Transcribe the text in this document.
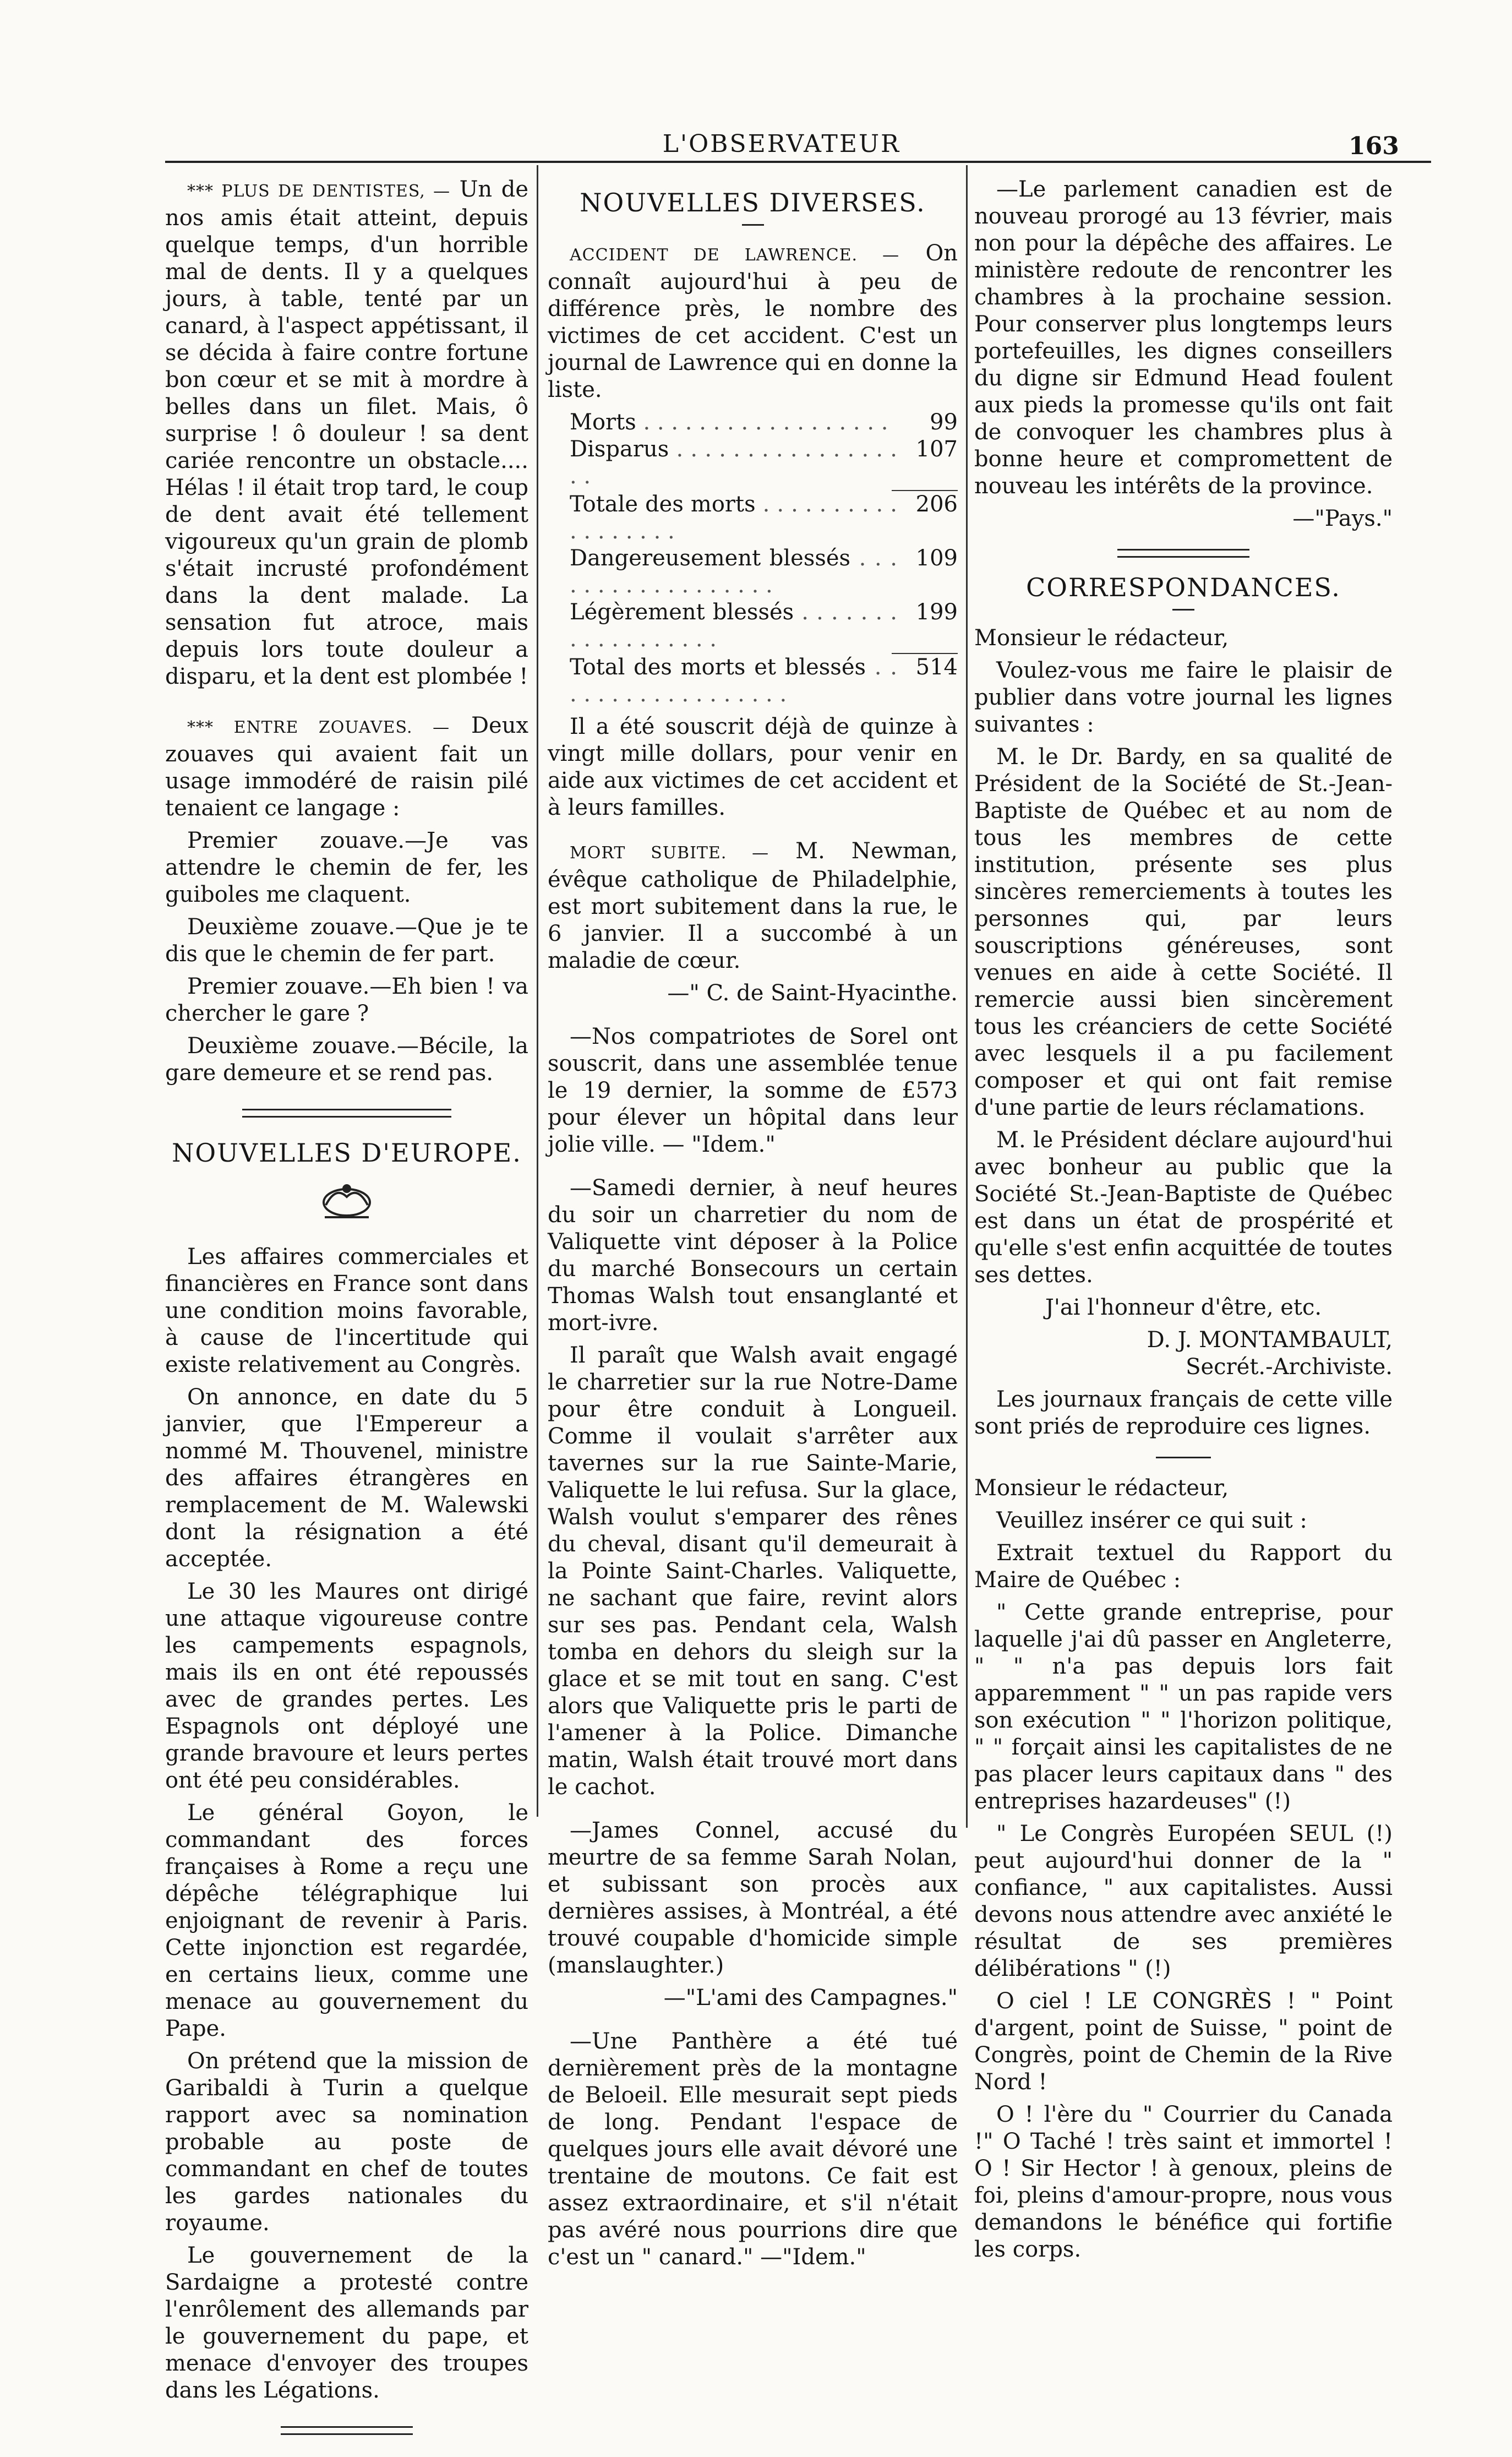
L'OBSERVATEUR	163

*** PLUS DE DENTISTES, — Un de nos amis était atteint, depuis quelque temps, d'un horrible mal de dents. Il y a quelques jours, à table, tenté par un canard, à l'aspect appétissant, il se décida à faire contre fortune bon cœur et se mit à mordre à belles dans un filet. Mais, ô surprise ! ô douleur ! sa dent cariée rencontre un obstacle.... Hélas ! il était trop tard, le coup de dent avait été tellement vigoureux qu'un grain de plomb s'était incrusté profondément dans la dent malade. La sensation fut atroce, mais depuis lors toute douleur a disparu, et la dent est plombée !

*** ENTRE ZOUAVES. — Deux zouaves qui avaient fait un usage immodéré de raisin pilé tenaient ce langage :

Premier zouave.—Je vas attendre le chemin de fer, les guiboles me claquent.

Deuxième zouave.—Que je te dis que le chemin de fer part.

Premier zouave.—Eh bien ! va chercher le gare ?

Deuxième zouave.—Bécile, la gare demeure et se rend pas.

NOUVELLES D'EUROPE.

Les affaires commerciales et financières en France sont dans une condition moins favorable, à cause de l'incertitude qui existe relativement au Congrès.

On annonce, en date du 5 janvier, que l'Empereur a nommé M. Thouvenel, ministre des affaires étrangères en remplacement de M. Walewski dont la résignation a été acceptée.

Le 30 les Maures ont dirigé une attaque vigoureuse contre les campements espagnols, mais ils en ont été repoussés avec de grandes pertes. Les Espagnols ont déployé une grande bravoure et leurs pertes ont été peu considérables.

Le général Goyon, le commandant des forces françaises à Rome a reçu une dépêche télégraphique lui enjoignant de revenir à Paris. Cette injonction est regardée, en certains lieux, comme une menace au gouvernement du Pape.

On prétend que la mission de Garibaldi à Turin a quelque rapport avec sa nomination probable au poste de commandant en chef de toutes les gardes nationales du royaume.

Le gouvernement de la Sardaigne a protesté contre l'enrôlement des allemands par le gouvernement du pape, et menace d'envoyer des troupes dans les Légations.

NOUVELLES DIVERSES.

ACCIDENT DE LAWRENCE. — On connaît aujourd'hui à peu de différence près, le nombre des victimes de cet accident. C'est un journal de Lawrence qui en donne la liste.

Morts . . .	99
Disparus . . .	107
Totale des morts . . .	206
Dangereusement blessés . . .	109
Légèrement blessés . . .	199
Total des morts et blessés . . .	514

Il a été souscrit déjà de quinze à vingt mille dollars, pour venir en aide aux victimes de cet accident et à leurs familles.

MORT SUBITE. — M. Newman, évêque catholique de Philadelphie, est mort subitement dans la rue, le 6 janvier. Il a succombé à un maladie de cœur.

—" C. de Saint-Hyacinthe.

—Nos compatriotes de Sorel ont souscrit, dans une assemblée tenue le 19 dernier, la somme de £573 pour élever un hôpital dans leur jolie ville. — "Idem."

—Samedi dernier, à neuf heures du soir un charretier du nom de Valiquette vint déposer à la Police du marché Bonsecours un certain Thomas Walsh tout ensanglanté et mort-ivre.

Il paraît que Walsh avait engagé le charretier sur la rue Notre-Dame pour être conduit à Longueil. Comme il voulait s'arrêter aux tavernes sur la rue Sainte-Marie, Valiquette le lui refusa. Sur la glace, Walsh voulut s'emparer des rênes du cheval, disant qu'il demeurait à la Pointe Saint-Charles. Valiquette, ne sachant que faire, revint alors sur ses pas. Pendant cela, Walsh tomba en dehors du sleigh sur la glace et se mit tout en sang. C'est alors que Valiquette pris le parti de l'amener à la Police. Dimanche matin, Walsh était trouvé mort dans le cachot.

—James Connel, accusé du meurtre de sa femme Sarah Nolan, et subissant son procès aux dernières assises, à Montréal, a été trouvé coupable d'homicide simple (manslaughter.)

—"L'ami des Campagnes."

—Une Panthère a été tué dernièrement près de la montagne de Beloeil. Elle mesurait sept pieds de long. Pendant l'espace de quelques jours elle avait dévoré une trentaine de moutons. Ce fait est assez extraordinaire, et s'il n'était pas avéré nous pourrions dire que c'est un " canard." —"Idem."

—Le parlement canadien est de nouveau prorogé au 13 février, mais non pour la dépêche des affaires. Le ministère redoute de rencontrer les chambres à la prochaine session. Pour conserver plus longtemps leurs portefeuilles, les dignes conseillers du digne sir Edmund Head foulent aux pieds la promesse qu'ils ont fait de convoquer les chambres plus à bonne heure et compromettent de nouveau les intérêts de la province.

—"Pays."

CORRESPONDANCES.

Monsieur le rédacteur,

Voulez-vous me faire le plaisir de publier dans votre journal les lignes suivantes :

M. le Dr. Bardy, en sa qualité de Président de la Société de St.-Jean-Baptiste de Québec et au nom de tous les membres de cette institution, présente ses plus sincères remerciements à toutes les personnes qui, par leurs souscriptions généreuses, sont venues en aide à cette Société. Il remercie aussi bien sincèrement tous les créanciers de cette Société avec lesquels il a pu facilement composer et qui ont fait remise d'une partie de leurs réclamations.

M. le Président déclare aujourd'hui avec bonheur au public que la Société St.-Jean-Baptiste de Québec est dans un état de prospérité et qu'elle s'est enfin acquittée de toutes ses dettes.

J'ai l'honneur d'être, etc.

D. J. MONTAMBAULT,

Secrét.-Archiviste.

Les journaux français de cette ville sont priés de reproduire ces lignes.

Monsieur le rédacteur,

Veuillez insérer ce qui suit :

Extrait textuel du Rapport du Maire de Québec :

" Cette grande entreprise, pour laquelle j'ai dû passer en Angleterre, " " n'a pas depuis lors fait apparemment " " un pas rapide vers son exécution " " l'horizon politique, " " forçait ainsi les capitalistes de ne pas placer leurs capitaux dans " des entreprises hazardeuses" (!)

" Le Congrès Européen SEUL (!) peut aujourd'hui donner de la " confiance, " aux capitalistes. Aussi devons nous attendre avec anxiété le résultat de ses premières délibérations " (!)

O ciel ! LE CONGRÈS ! " Point d'argent, point de Suisse, " point de Congrès, point de Chemin de la Rive Nord !

O ! l'ère du " Courrier du Canada !" O Taché ! très saint et immortel ! O ! Sir Hector ! à genoux, pleins de foi, pleins d'amour-propre, nous vous demandons le bénéfice qui fortifie les corps.
